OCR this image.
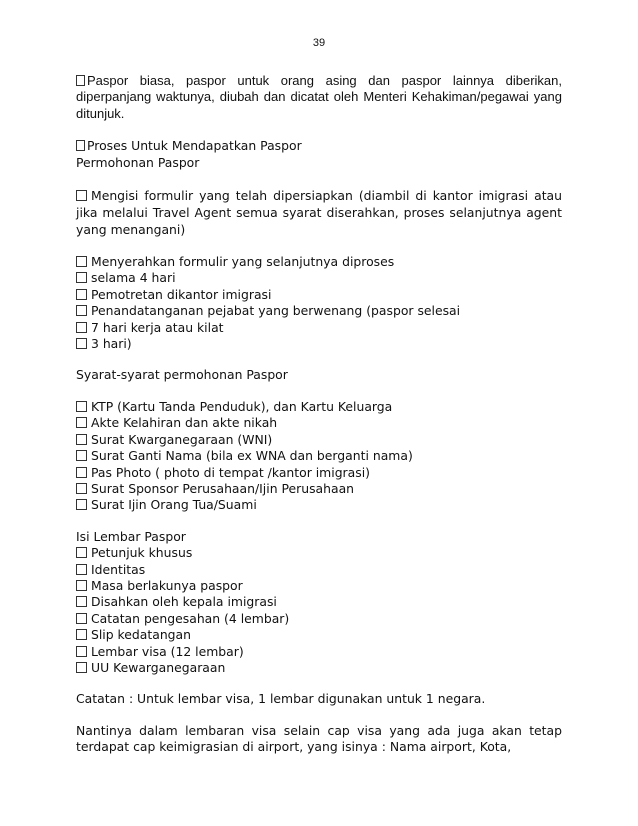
39

Paspor biasa, paspor untuk orang asing dan paspor lainnya diberikan, diperpanjang waktunya, diubah dan dicatat oleh Menteri Kehakiman/pegawai yang ditunjuk.

Proses Untuk Mendapatkan Paspor

Permohonan Paspor

Mengisi formulir yang telah dipersiapkan (diambil di kantor imigrasi atau jika melalui Travel Agent semua syarat diserahkan, proses selanjutnya agent yang menangani)

Menyerahkan formulir yang selanjutnya diproses
selama 4 hari
Pemotretan dikantor imigrasi
Penandatanganan pejabat yang berwenang (paspor selesai
7 hari kerja atau kilat
3 hari)

Syarat-syarat permohonan Paspor

KTP (Kartu Tanda Penduduk), dan Kartu Keluarga
Akte Kelahiran dan akte nikah
Surat Kwarganegaraan (WNI)
Surat Ganti Nama (bila ex WNA dan berganti nama)
Pas Photo ( photo di tempat /kantor imigrasi)
Surat Sponsor Perusahaan/Ijin Perusahaan
Surat Ijin Orang Tua/Suami

Isi Lembar Paspor

Petunjuk khusus
Identitas
Masa berlakunya paspor
Disahkan oleh kepala imigrasi
Catatan pengesahan (4 lembar)
Slip kedatangan
Lembar visa (12 lembar)
UU Kewarganegaraan

Catatan : Untuk lembar visa, 1 lembar digunakan untuk 1 negara.

Nantinya dalam lembaran visa selain cap visa yang ada juga akan tetap terdapat cap keimigrasian di airport, yang isinya : Nama airport, Kota,
